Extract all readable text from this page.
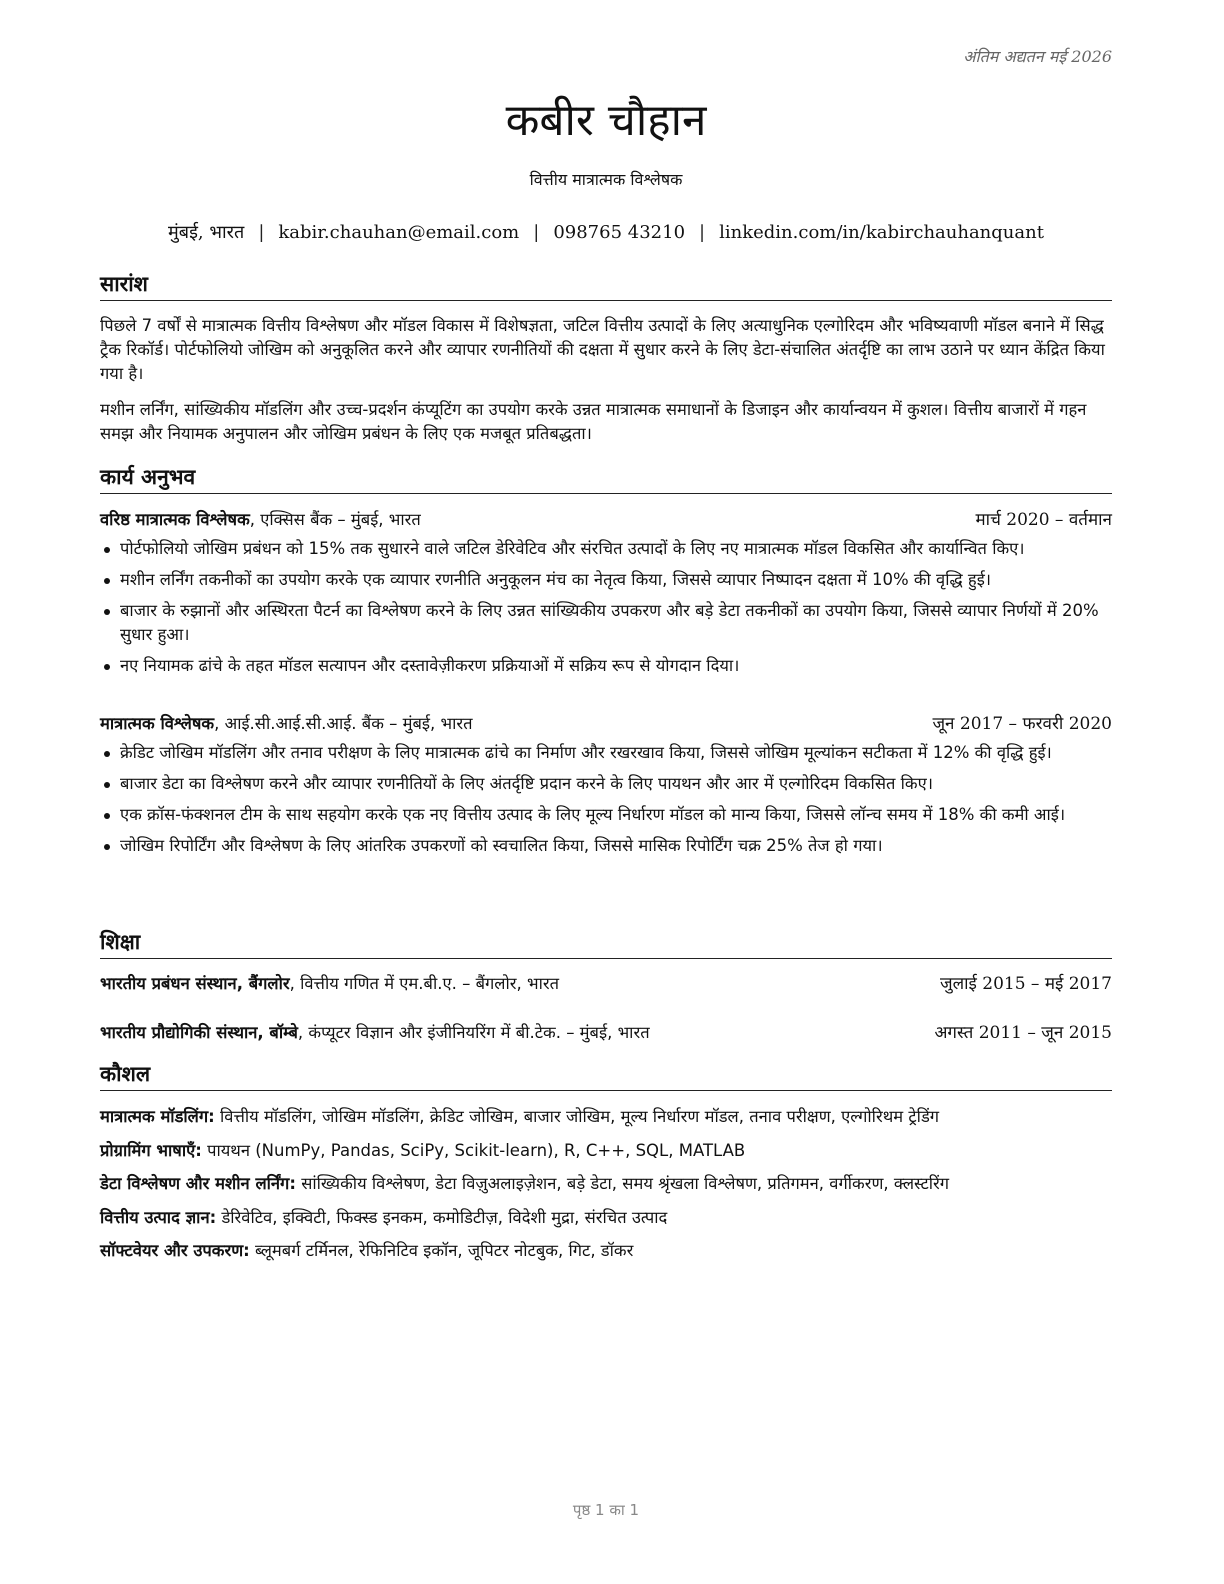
अंतिम अद्यतन मई 2026
कबीर चौहान
वित्तीय मात्रात्मक विश्लेषक
मुंबई, भारत | kabir.chauhan@email.com | 098765 43210 | linkedin.com/in/kabirchauhanquant
सारांश

पिछले 7 वर्षों से मात्रात्मक वित्तीय विश्लेषण और मॉडल विकास में विशेषज्ञता, जटिल वित्तीय उत्पादों के लिए अत्याधुनिक एल्गोरिदम और भविष्यवाणी मॉडल बनाने में सिद्ध ट्रैक रिकॉर्ड। पोर्टफोलियो जोखिम को अनुकूलित करने और व्यापार रणनीतियों की दक्षता में सुधार करने के लिए डेटा-संचालित अंतर्दृष्टि का लाभ उठाने पर ध्यान केंद्रित किया गया है।

मशीन लर्निंग, सांख्यिकीय मॉडलिंग और उच्च-प्रदर्शन कंप्यूटिंग का उपयोग करके उन्नत मात्रात्मक समाधानों के डिजाइन और कार्यान्वयन में कुशल। वित्तीय बाजारों में गहन समझ और नियामक अनुपालन और जोखिम प्रबंधन के लिए एक मजबूत प्रतिबद्धता।

कार्य अनुभव
वरिष्ठ मात्रात्मक विश्लेषक, एक्सिस बैंक – मुंबई, भारत	मार्च 2020 – वर्तमान
पोर्टफोलियो जोखिम प्रबंधन को 15% तक सुधारने वाले जटिल डेरिवेटिव और संरचित उत्पादों के लिए नए मात्रात्मक मॉडल विकसित और कार्यान्वित किए।
मशीन लर्निंग तकनीकों का उपयोग करके एक व्यापार रणनीति अनुकूलन मंच का नेतृत्व किया, जिससे व्यापार निष्पादन दक्षता में 10% की वृद्धि हुई।
बाजार के रुझानों और अस्थिरता पैटर्न का विश्लेषण करने के लिए उन्नत सांख्यिकीय उपकरण और बड़े डेटा तकनीकों का उपयोग किया, जिससे व्यापार निर्णयों में 20% सुधार हुआ।
नए नियामक ढांचे के तहत मॉडल सत्यापन और दस्तावेज़ीकरण प्रक्रियाओं में सक्रिय रूप से योगदान दिया।
मात्रात्मक विश्लेषक, आई.सी.आई.सी.आई. बैंक – मुंबई, भारत	जून 2017 – फरवरी 2020
क्रेडिट जोखिम मॉडलिंग और तनाव परीक्षण के लिए मात्रात्मक ढांचे का निर्माण और रखरखाव किया, जिससे जोखिम मूल्यांकन सटीकता में 12% की वृद्धि हुई।
बाजार डेटा का विश्लेषण करने और व्यापार रणनीतियों के लिए अंतर्दृष्टि प्रदान करने के लिए पायथन और आर में एल्गोरिदम विकसित किए।
एक क्रॉस-फंक्शनल टीम के साथ सहयोग करके एक नए वित्तीय उत्पाद के लिए मूल्य निर्धारण मॉडल को मान्य किया, जिससे लॉन्च समय में 18% की कमी आई।
जोखिम रिपोर्टिंग और विश्लेषण के लिए आंतरिक उपकरणों को स्वचालित किया, जिससे मासिक रिपोर्टिंग चक्र 25% तेज हो गया।
शिक्षा
भारतीय प्रबंधन संस्थान, बैंगलोर, वित्तीय गणित में एम.बी.ए. – बैंगलोर, भारत	जुलाई 2015 – मई 2017
भारतीय प्रौद्योगिकी संस्थान, बॉम्बे, कंप्यूटर विज्ञान और इंजीनियरिंग में बी.टेक. – मुंबई, भारत	अगस्त 2011 – जून 2015
कौशल
मात्रात्मक मॉडलिंग: वित्तीय मॉडलिंग, जोखिम मॉडलिंग, क्रेडिट जोखिम, बाजार जोखिम, मूल्य निर्धारण मॉडल, तनाव परीक्षण, एल्गोरिथम ट्रेडिंग
प्रोग्रामिंग भाषाएँ: पायथन (NumPy, Pandas, SciPy, Scikit-learn), R, C++, SQL, MATLAB
डेटा विश्लेषण और मशीन लर्निंग: सांख्यिकीय विश्लेषण, डेटा विज़ुअलाइज़ेशन, बड़े डेटा, समय श्रृंखला विश्लेषण, प्रतिगमन, वर्गीकरण, क्लस्टरिंग
वित्तीय उत्पाद ज्ञान: डेरिवेटिव, इक्विटी, फिक्स्ड इनकम, कमोडिटीज़, विदेशी मुद्रा, संरचित उत्पाद
सॉफ्टवेयर और उपकरण: ब्लूमबर्ग टर्मिनल, रेफिनिटिव इकॉन, जूपिटर नोटबुक, गिट, डॉकर
पृष्ठ 1 का 1
